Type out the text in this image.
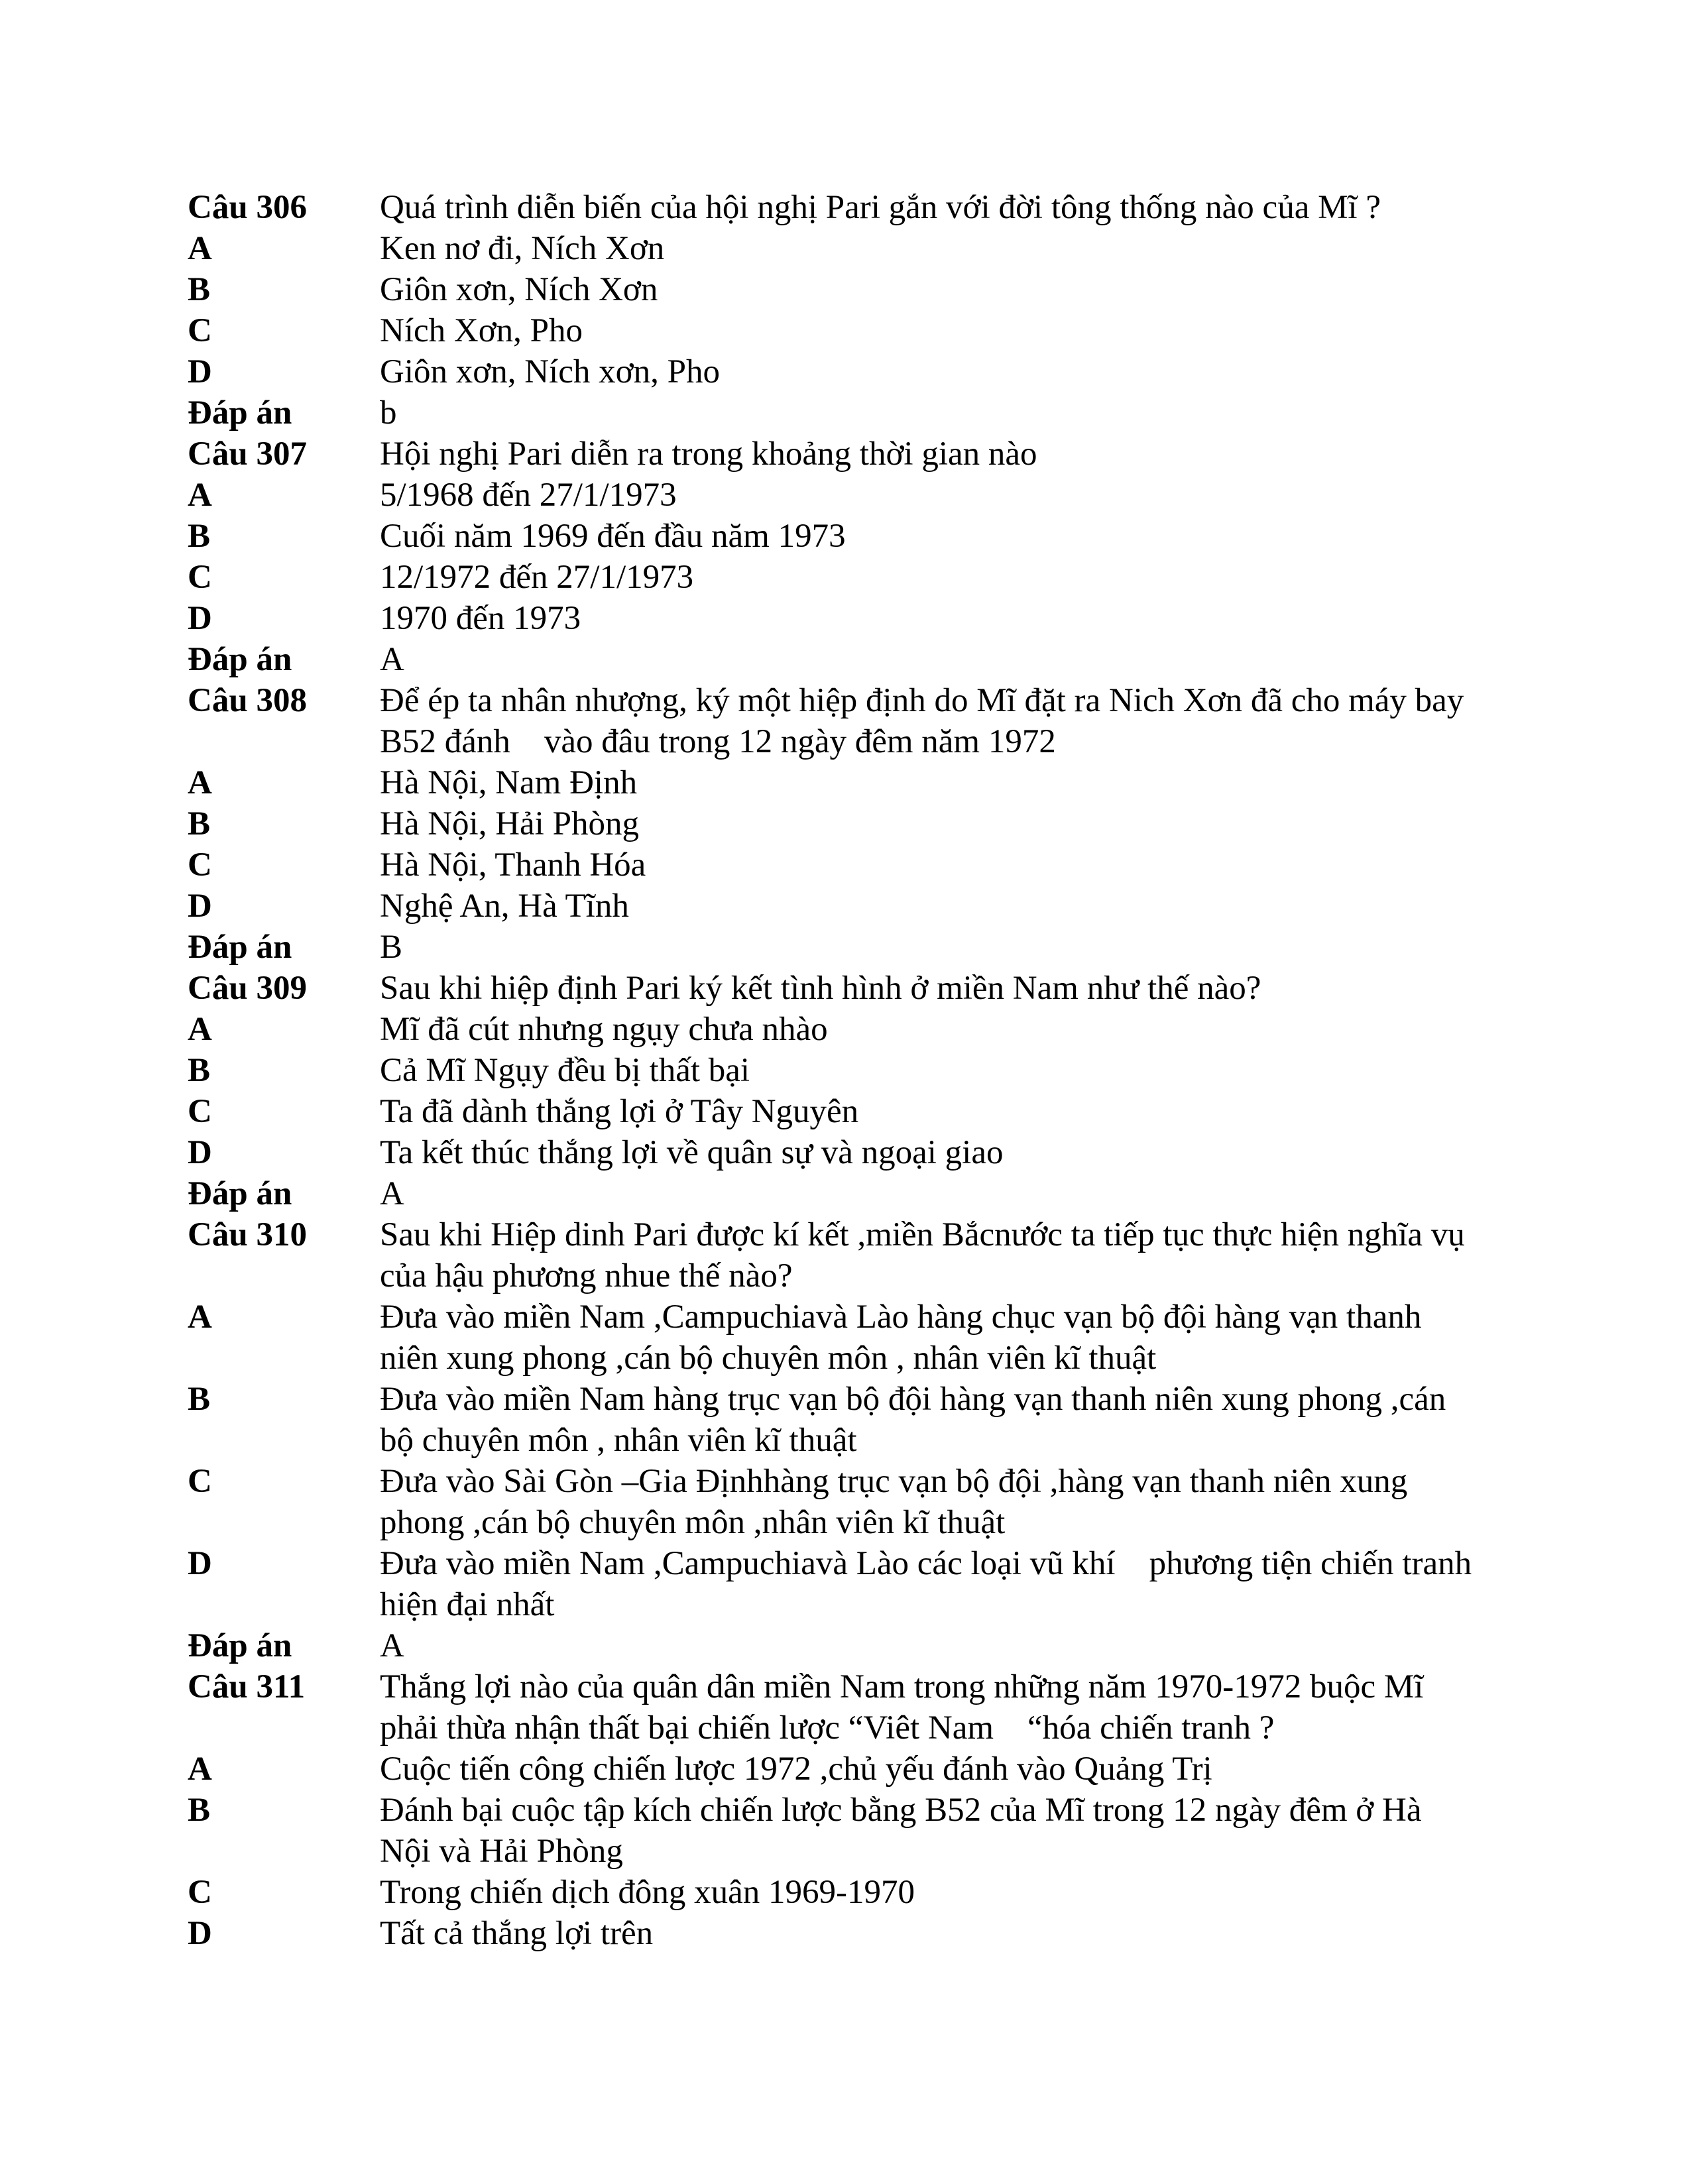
Câu 306	Quá trình diễn biến của hội nghị Pari gắn với đời tông thống nào của Mĩ ?
A	Ken nơ đi, Ních Xơn
B	Giôn xơn, Ních Xơn
C	Ních Xơn, Pho
D	Giôn xơn, Ních xơn, Pho
Đáp án	b
Câu 307	Hội nghị Pari diễn ra trong khoảng thời gian nào
A	5/1968 đến 27/1/1973
B	Cuối năm 1969 đến đầu năm 1973
C	12/1972 đến 27/1/1973
D	1970 đến 1973
Đáp án	A
Câu 308	Để ép ta nhân nhượng, ký một hiệp định do Mĩ đặt ra Nich Xơn đã cho máy bay B52 đánh    vào đâu trong 12 ngày đêm năm 1972
A	Hà Nội, Nam Định
B	Hà Nội, Hải Phòng
C	Hà Nội, Thanh Hóa
D	Nghệ An, Hà Tĩnh
Đáp án	B
Câu 309	Sau khi hiệp định Pari ký kết tình hình ở miền Nam như thế nào?
A	Mĩ đã cút nhưng ngụy chưa nhào
B	Cả Mĩ Ngụy đều bị thất bại
C	Ta đã dành thắng lợi ở Tây Nguyên
D	Ta kết thúc thắng lợi về quân sự và ngoại giao
Đáp án	A
Câu 310	Sau khi Hiệp dinh Pari được kí kết ,miền Bắcnước ta tiếp tục thực hiện nghĩa vụ của hậu phương nhue thế nào?
A	Đưa vào miền Nam ,Campuchiavà Lào hàng chục vạn bộ đội hàng vạn thanh niên xung phong ,cán bộ chuyên môn , nhân viên kĩ thuật
B	Đưa vào miền Nam hàng trục vạn bộ đội hàng vạn thanh niên xung phong ,cán bộ chuyên môn , nhân viên kĩ thuật
C	Đưa vào Sài Gòn –Gia Địnhhàng trục vạn bộ đội ,hàng vạn thanh niên xung phong ,cán bộ chuyên môn ,nhân viên kĩ thuật
D	Đưa vào miền Nam ,Campuchiavà Lào các loại vũ khí    phương tiện chiến tranh hiện đại nhất
Đáp án	A
Câu 311	Thắng lợi nào của quân dân miền Nam trong những năm 1970-1972 buộc Mĩ phải thừa nhận thất bại chiến lược “Viêt Nam    “hóa chiến tranh ?
A	Cuộc tiến công chiến lược 1972 ,chủ yếu đánh vào Quảng Trị
B	Đánh bại cuộc tập kích chiến lược bằng B52 của Mĩ trong 12 ngày đêm ở Hà Nội và Hải Phòng
C	Trong chiến dịch đông xuân 1969-1970
D	Tất cả thắng lợi trên
